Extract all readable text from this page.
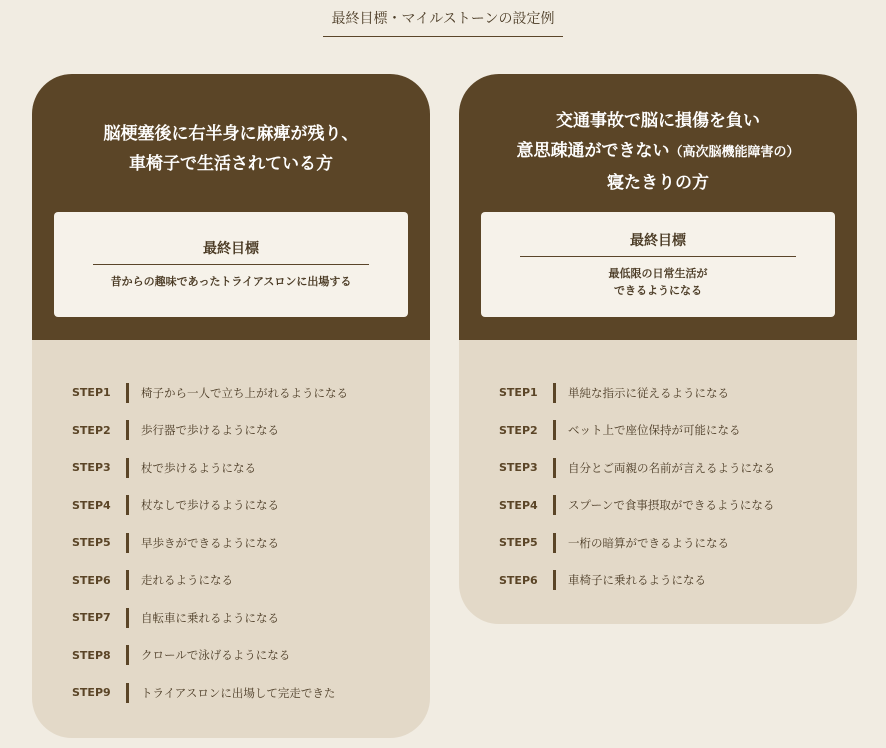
最終目標・マイルストーンの設定例
脳梗塞後に右半身に麻痺が残り、
車椅子で生活されている方
最終目標
昔からの趣味であったトライアスロンに出場する
STEP1	椅子から一人で立ち上がれるようになる
STEP2	歩行器で歩けるようになる
STEP3	杖で歩けるようになる
STEP4	杖なしで歩けるようになる
STEP5	早歩きができるようになる
STEP6	走れるようになる
STEP7	自転車に乗れるようになる
STEP8	クロールで泳げるようになる
STEP9	トライアスロンに出場して完走できた
交通事故で脳に損傷を負い
意思疎通ができない（高次脳機能障害の）
寝たきりの方
最終目標
最低限の日常生活が
できるようになる
STEP1	単純な指示に従えるようになる
STEP2	ベット上で座位保持が可能になる
STEP3	自分とご両親の名前が言えるようになる
STEP4	スプーンで食事摂取ができるようになる
STEP5	一桁の暗算ができるようになる
STEP6	車椅子に乗れるようになる
